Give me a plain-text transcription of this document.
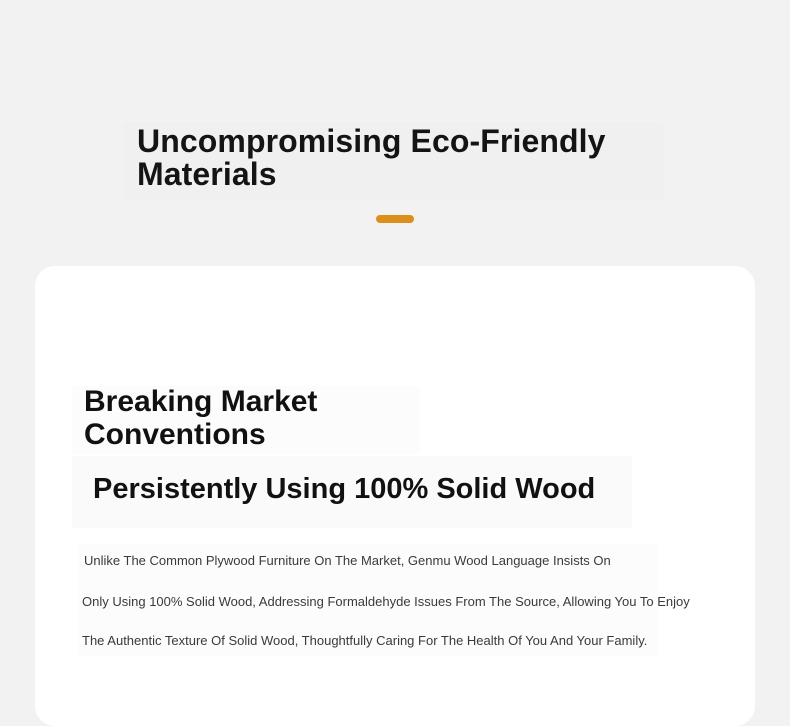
Uncompromising Eco-Friendly Materials
Breaking Market Conventions
Persistently Using 100% Solid Wood

Unlike The Common Plywood Furniture On The Market, Genmu Wood Language Insists On

Only Using 100% Solid Wood, Addressing Formaldehyde Issues From The Source, Allowing You To Enjoy

The Authentic Texture Of Solid Wood, Thoughtfully Caring For The Health Of You And Your Family.
